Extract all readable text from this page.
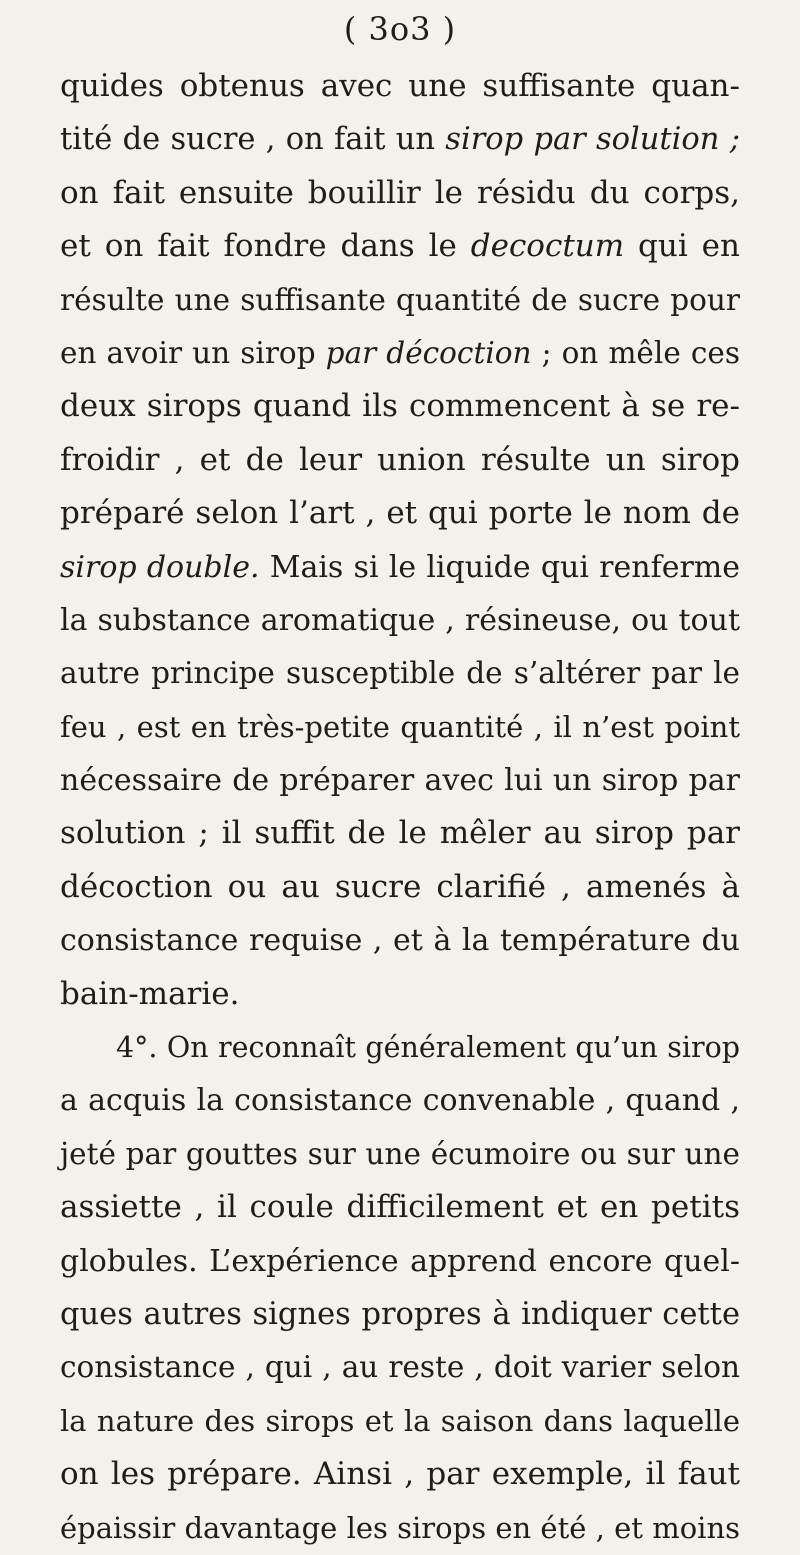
( 3o3 )
quides obtenus avec une suffisante quan-
tité de sucre , on fait un sirop par solution ;
on fait ensuite bouillir le résidu du corps,
et on fait fondre dans le decoctum qui en
résulte une suffisante quantité de sucre pour
en avoir un sirop par décoction ; on mêle ces
deux sirops quand ils commencent à se re-
froidir , et de leur union résulte un sirop
préparé selon l’art , et qui porte le nom de
sirop double. Mais si le liquide qui renferme
la substance aromatique , résineuse, ou tout
autre principe susceptible de s’altérer par le
feu , est en très-petite quantité , il n’est point
nécessaire de préparer avec lui un sirop par
solution ; il suffit de le mêler au sirop par
décoction ou au sucre clarifié , amenés à
consistance requise , et à la température du
bain-marie.
4°. On reconnaît généralement qu’un sirop
a acquis la consistance convenable , quand ,
jeté par gouttes sur une écumoire ou sur une
assiette , il coule difficilement et en petits
globules. L’expérience apprend encore quel-
ques autres signes propres à indiquer cette
consistance , qui , au reste , doit varier selon
la nature des sirops et la saison dans laquelle
on les prépare. Ainsi , par exemple, il faut
épaissir davantage les sirops en été , et moins
